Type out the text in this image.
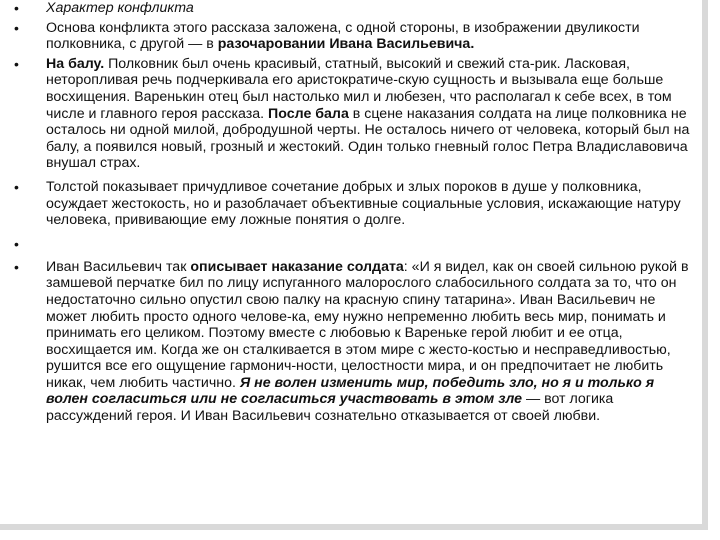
• Характер конфликта
• Основа конфликта этого рассказа заложена, с одной стороны, в изображении двуликости полковника, с другой — в разочаровании Ивана Васильевича.
• На балу. Полковник был очень красивый, статный, высокий и свежий ста-рик. Ласковая, неторопливая речь подчеркивала его аристократиче-скую сущность и вызывала еще больше восхищения. Варенькин отец был настолько мил и любезен, что располагал к себе всех, в том числе и главного героя рассказа. После бала в сцене наказания солдата на лице полковника не осталось ни одной милой, добродушной черты. Не осталось ничего от человека, который был на балу, а появился новый, грозный и жестокий. Один только гневный голос Петра Владиславовича внушал страх.
• Толстой показывает причудливое сочетание добрых и злых пороков в душе у полковника, осуждает жестокость, но и разоблачает объективные социальные условия, искажающие натуру человека, прививающие ему ложные понятия о долге.
•
• Иван Васильевич так описывает наказание солдата: «И я видел, как он своей сильною рукой в замшевой перчатке бил по лицу испуганного малорослого слабосильного солдата за то, что он недостаточно сильно опустил свою палку на красную спину татарина». Иван Васильевич не может любить просто одного челове-ка, ему нужно непременно любить весь мир, понимать и принимать его целиком. Поэтому вместе с любовью к Вареньке герой любит и ее отца, восхищается им. Когда же он сталкивается в этом мире с жесто-костью и несправедливостью, рушится все его ощущение гармонич-ности, целостности мира, и он предпочитает не любить никак, чем любить частично. Я не волен изменить мир, победить зло, но я и только я волен согласиться или не согласиться участвовать в этом зле — вот логика рассуждений героя. И Иван Васильевич сознательно отказывается от своей любви.
